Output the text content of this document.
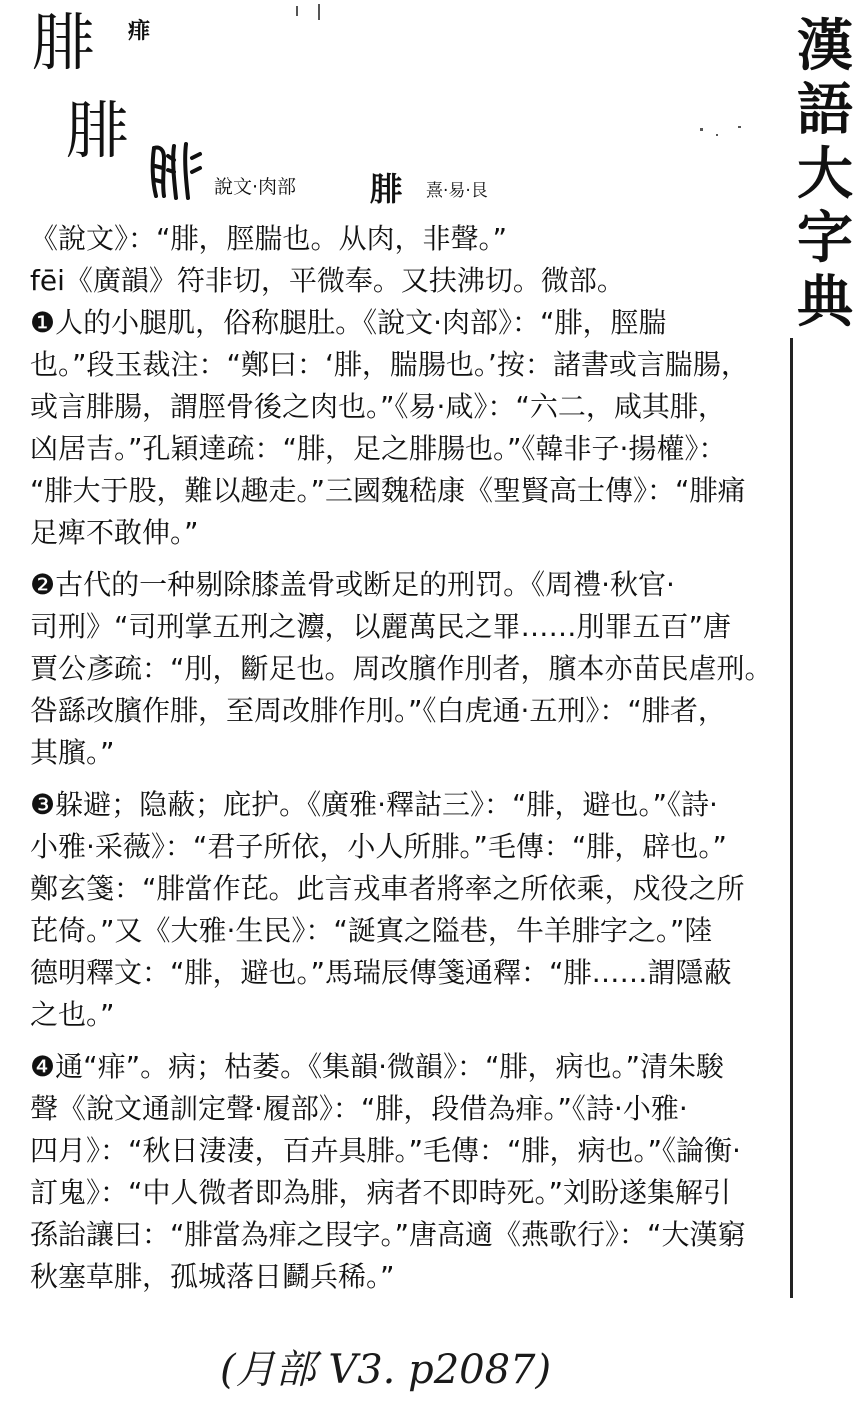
腓 痱
腓
說文·肉部 腓 熹·易·艮
漢
語
大
字
典
《說文》：“腓，脛腨也。从肉，非聲。”
fēi《廣韻》符非切，平微奉。又扶沸切。微部。
❶人的小腿肌，俗称腿肚。《說文·肉部》：“腓，脛腨
也。”段玉裁注：“鄭曰：‘腓，腨腸也。’按：諸書或言腨腸，
或言腓腸，謂脛骨後之肉也。”《易·咸》：“六二，咸其腓，
凶居吉。”孔穎達疏：“腓，足之腓腸也。”《韓非子·揚權》：
“腓大于股，難以趣走。”三國魏嵇康《聖賢高士傳》：“腓痛
足痺不敢伸。”
❷古代的一种剔除膝盖骨或断足的刑罚。《周禮·秋官·
司刑》“司刑掌五刑之灋，以麗萬民之罪……刖罪五百”唐
賈公彥疏：“刖，斷足也。周改臏作刖者，臏本亦苗民虐刑。
咎繇改臏作腓，至周改腓作刖。”《白虎通·五刑》：“腓者，
其臏。”
❸躲避；隐蔽；庇护。《廣雅·釋詁三》：“腓，避也。”《詩·
小雅·采薇》：“君子所依，小人所腓。”毛傳：“腓，辟也。”
鄭玄箋：“腓當作芘。此言戎車者將率之所依乘，戍役之所
芘倚。”又《大雅·生民》：“誕寘之隘巷，牛羊腓字之。”陸
德明釋文：“腓，避也。”馬瑞辰傳箋通釋：“腓……謂隱蔽
之也。”
❹通“痱”。病；枯萎。《集韻·微韻》：“腓，病也。”清朱駿
聲《說文通訓定聲·履部》：“腓，段借為痱。”《詩·小雅·
四月》：“秋日淒淒，百卉具腓。”毛傳：“腓，病也。”《論衡·
訂鬼》：“中人微者即為腓，病者不即時死。”刘盼遂集解引
孫詒讓曰：“腓當為痱之叚字。”唐高適《燕歌行》：“大漢窮
秋塞草腓，孤城落日鬬兵稀。”
(月部 V3. p2087)
